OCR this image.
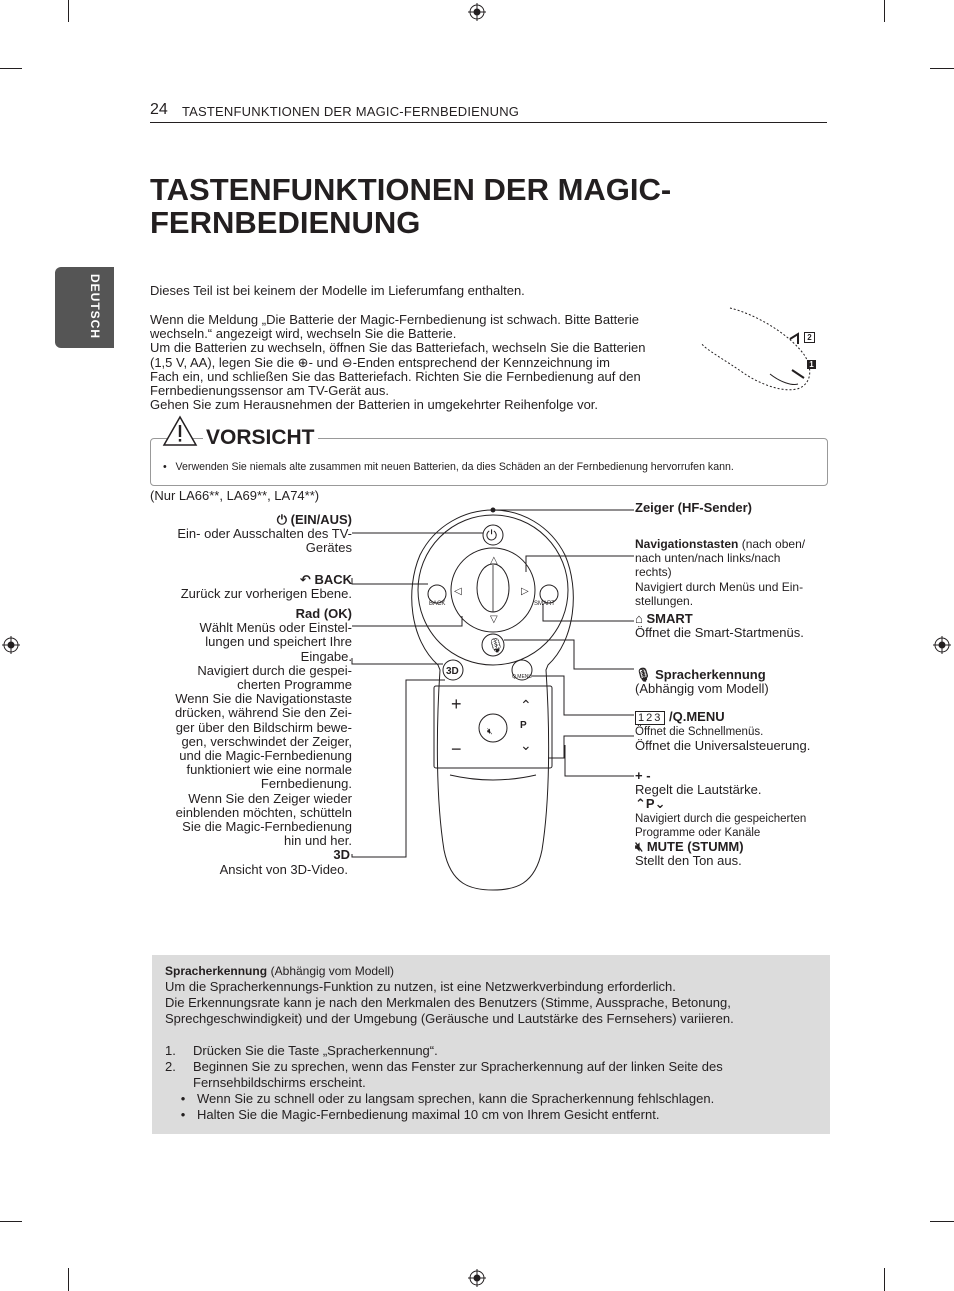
24 TASTENFUNKTIONEN DER MAGIC-FERNBEDIENUNG
DEUTSCH
TASTENFUNKTIONEN DER MAGIC-FERNBEDIENUNG
Dieses Teil ist bei keinem der Modelle im Lieferumfang enthalten.
Wenn die Meldung „Die Batterie der Magic-Fernbedienung ist schwach. Bitte Batterie
wechseln.“ angezeigt wird, wechseln Sie die Batterie.
Um die Batterien zu wechseln, öffnen Sie das Batteriefach, wechseln Sie die Batterien
(1,5 V, AA), legen Sie die ⊕- und ⊖-Enden entsprechend der Kennzeichnung im
Fach ein, und schließen Sie das Batteriefach. Richten Sie die Fernbedienung auf den
Fernbedienungssensor am TV-Gerät aus.
Gehen Sie zum Herausnehmen der Batterien in umgekehrter Reihenfolge vor.
2
1
VORSICHT
•   Verwenden Sie niemals alte zusammen mit neuen Batterien, da dies Schäden an der Fernbedienung hervorrufen kann.
(Nur LA66**, LA69**, LA74**)
⏻ (EIN/AUS)
Ein- oder Ausschalten des TV-
Gerätes
↶ BACK
Zurück zur vorherigen Ebene.
Rad (OK)
Wählt Menüs oder Einstel-
lungen und speichert Ihre
Eingabe.
Navigiert durch die gespei-
cherten Programme
Wenn Sie die Navigationstaste
drücken, während Sie den Zei-
ger über den Bildschirm bewe-
gen, verschwindet der Zeiger,
und die Magic-Fernbedienung
funktioniert wie eine normale
Fernbedienung.
Wenn Sie den Zeiger wieder
einblenden möchten, schütteln
Sie die Magic-Fernbedienung
hin und her.
3D
Ansicht von 3D-Video.
Zeiger (HF-Sender)
Navigationstasten (nach oben/
nach unten/nach links/nach
rechts)
Navigiert durch Menüs und Ein-
stellungen.
⌂ SMART
Öffnet die Smart-Startmenüs.
🎙︎ Spracherkennung
(Abhängig vom Modell)
123 /Q.MENU
Öffnet die Schnellmenüs.
Öffnet die Universalsteuerung.
+ -
Regelt die Lautstärke.
⌃P⌄
Navigiert durch die gespeicherten
Programme oder Kanäle
🔇︎ MUTE (STUMM)
Stellt den Ton aus.
⏻
△
▽
◁	▷
🎙︎
3D
BACK	SMART
Q.MENU
P
+
−
⌃
⌄
🔇︎
Spracherkennung (Abhängig vom Modell)
Um die Spracherkennungs-Funktion zu nutzen, ist eine Netzwerkverbindung erforderlich.
Die Erkennungsrate kann je nach den Merkmalen des Benutzers (Stimme, Aussprache, Betonung,
Sprechgeschwindigkeit) und der Umgebung (Geräusche und Lautstärke des Fernsehers) variieren.
1.	Drücken Sie die Taste „Spracherkennung“.
2.	Beginnen Sie zu sprechen, wenn das Fenster zur Spracherkennung auf der linken Seite des
Fernsehbildschirms erscheint.
• Wenn Sie zu schnell oder zu langsam sprechen, kann die Spracherkennung fehlschlagen.
• Halten Sie die Magic-Fernbedienung maximal 10 cm von Ihrem Gesicht entfernt.
